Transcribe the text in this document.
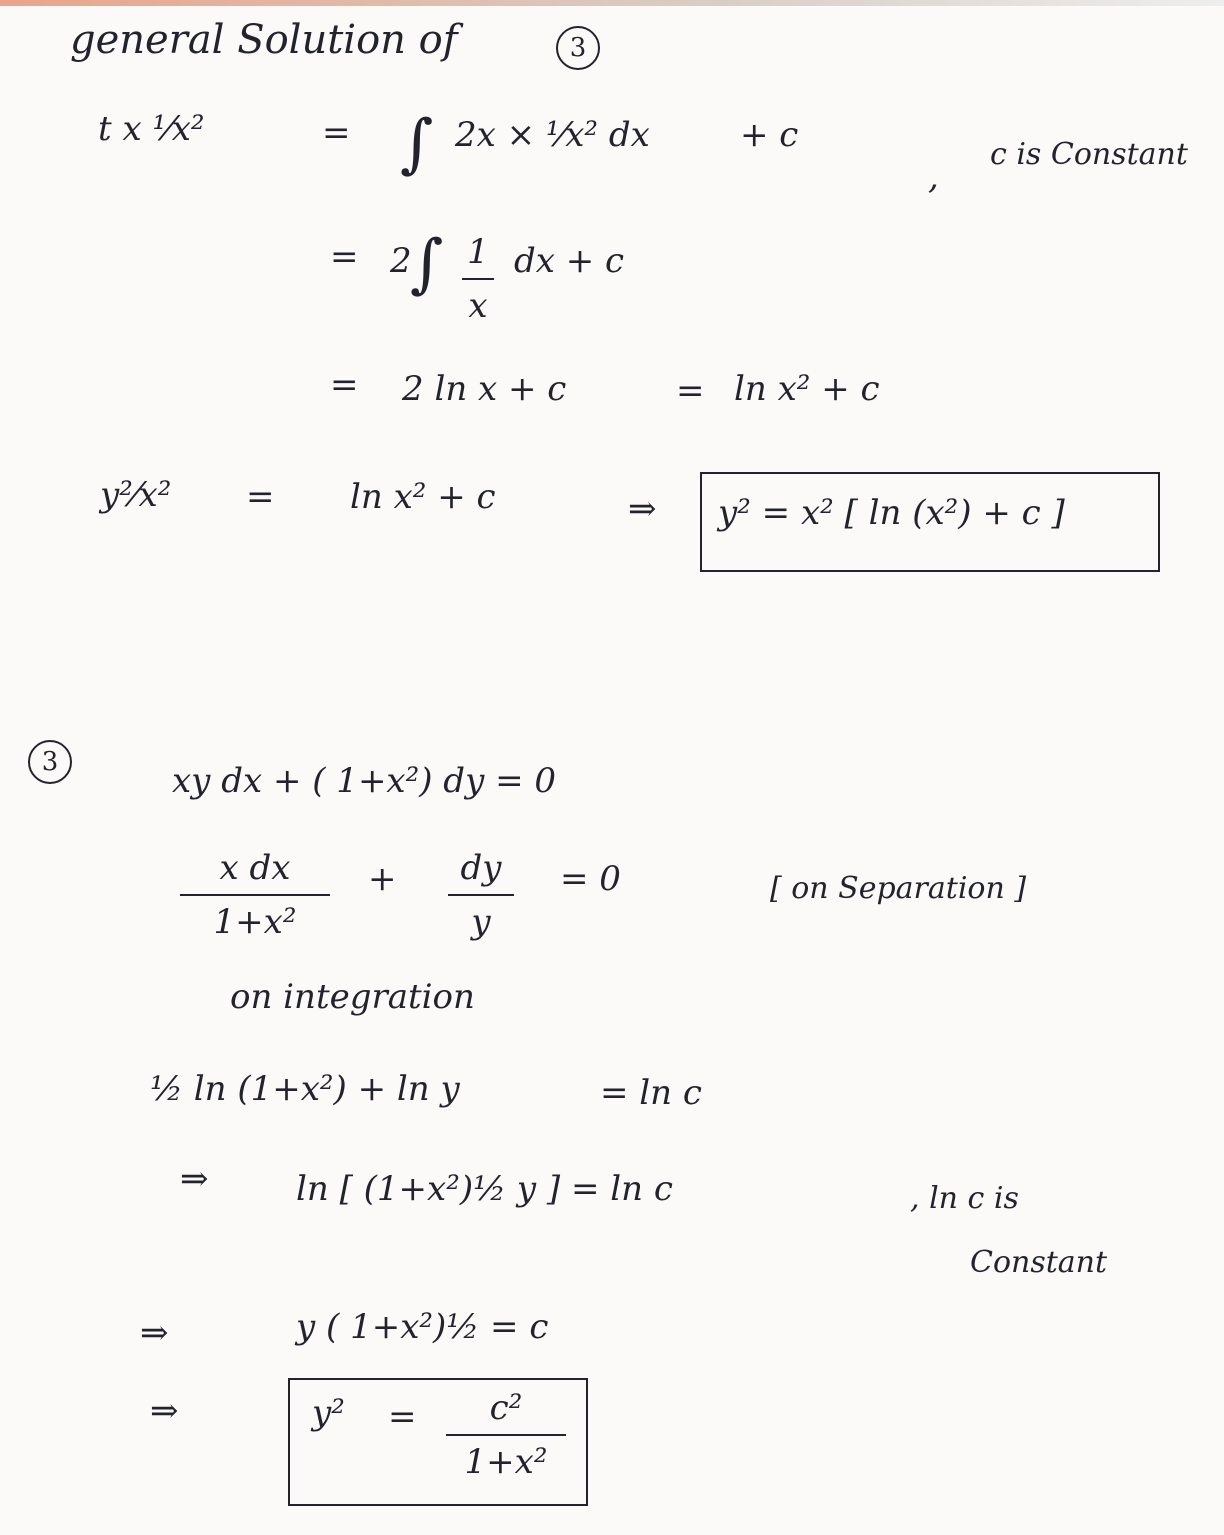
general Solution of	3
t x ¹⁄x²	= ∫ 2x × ¹⁄x² dx	+ c
,
c is Constant
= 2
∫ 1
x
dx + c
= 2 ln x + c	= ln x² + c
y²⁄x² = ln x² + c	⇒ y² = x² [ ln (x²) + c ]
3	xy dx + ( 1+x²) dy = 0
x dx
1+x²
+ dy
y
= 0	[ on Separation ]
on integration
½ ln (1+x²) + ln y	= ln c
⇒	ln [ (1+x²)½ y ] = ln c	, ln c is
Constant
⇒	y ( 1+x²)½ = c
⇒	y² = c²
1+x²
